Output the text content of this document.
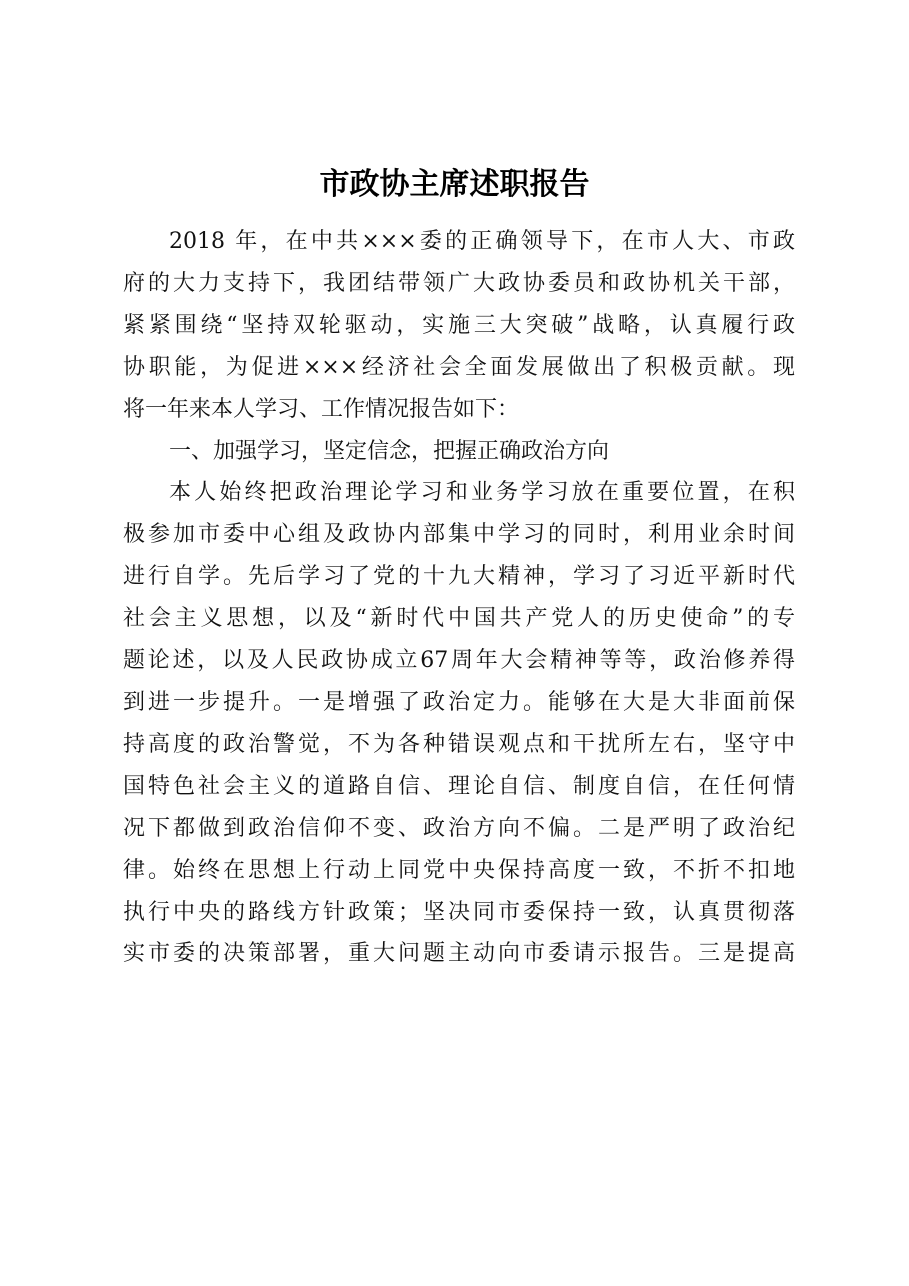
市政协主席述职报告
2018 年，在中共×××委的正确领导下，在市人大、市政
府的大力支持下，我团结带领广大政协委员和政协机关干部，
紧紧围绕“坚持双轮驱动，实施三大突破”战略，认真履行政
协职能，为促进×××经济社会全面发展做出了积极贡献。现
将一年来本人学习、工作情况报告如下：
一、加强学习，坚定信念，把握正确政治方向
本人始终把政治理论学习和业务学习放在重要位置，在积
极参加市委中心组及政协内部集中学习的同时，利用业余时间
进行自学。先后学习了党的十九大精神，学习了习近平新时代
社会主义思想，以及“新时代中国共产党人的历史使命”的专
题论述，以及人民政协成立67周年大会精神等等，政治修养得
到进一步提升。一是增强了政治定力。能够在大是大非面前保
持高度的政治警觉，不为各种错误观点和干扰所左右，坚守中
国特色社会主义的道路自信、理论自信、制度自信，在任何情
况下都做到政治信仰不变、政治方向不偏。二是严明了政治纪
律。始终在思想上行动上同党中央保持高度一致，不折不扣地
执行中央的路线方针政策；坚决同市委保持一致，认真贯彻落
实市委的决策部署，重大问题主动向市委请示报告。三是提高
